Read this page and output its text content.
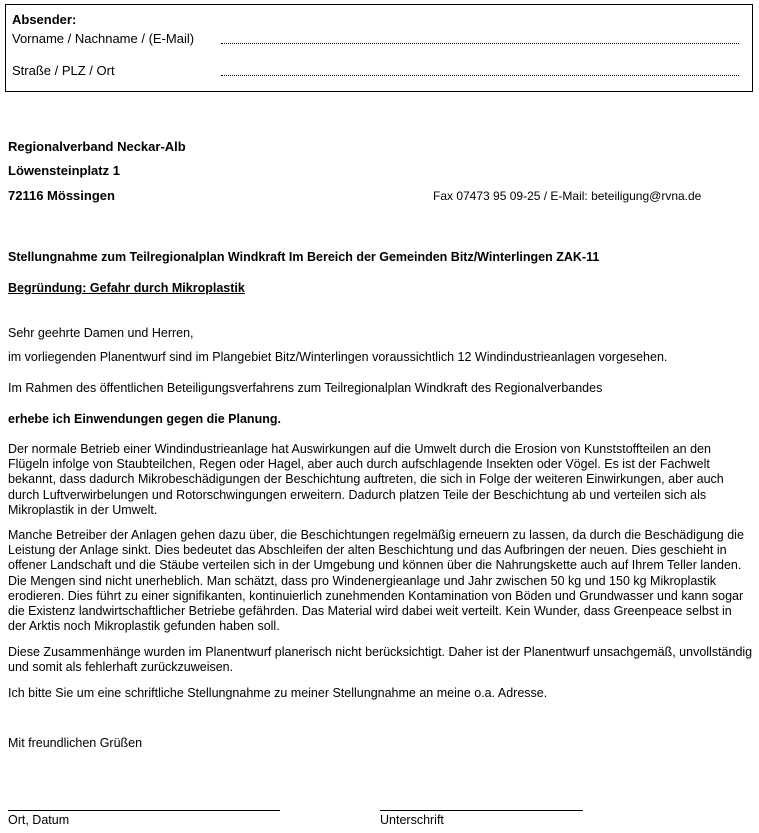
Absender:
Vorname / Nachname / (E-Mail)
Straße / PLZ / Ort
Regionalverband Neckar-Alb
Löwensteinplatz 1
72116 Mössingen	Fax 07473 95 09-25 / E-Mail: beteiligung@rvna.de
Stellungnahme zum Teilregionalplan Windkraft Im Bereich der Gemeinden Bitz/Winterlingen ZAK-11
Begründung: Gefahr durch Mikroplastik
Sehr geehrte Damen und Herren,
im vorliegenden Planentwurf sind im Plangebiet Bitz/Winterlingen voraussichtlich 12 Windindustrieanlagen vorgesehen.
Im Rahmen des öffentlichen Beteiligungsverfahrens zum Teilregionalplan Windkraft des Regionalverbandes
erhebe ich Einwendungen gegen die Planung.
Der normale Betrieb einer Windindustrieanlage hat Auswirkungen auf die Umwelt durch die Erosion von Kunststoffteilen an den Flügeln infolge von Staubteilchen, Regen oder Hagel, aber auch durch aufschlagende Insekten oder Vögel. Es ist der Fachwelt bekannt, dass dadurch Mikrobeschädigungen der Beschichtung auftreten, die sich in Folge der weiteren Einwirkungen, aber auch durch Luftverwirbelungen und Rotorschwingungen erweitern. Dadurch platzen Teile der Beschichtung ab und verteilen sich als Mikroplastik in der Umwelt.
Manche Betreiber der Anlagen gehen dazu über, die Beschichtungen regelmäßig erneuern zu lassen, da durch die Beschädigung die Leistung der Anlage sinkt. Dies bedeutet das Abschleifen der alten Beschichtung und das Aufbringen der neuen. Dies geschieht in offener Landschaft und die Stäube verteilen sich in der Umgebung und können über die Nahrungskette auch auf Ihrem Teller landen. Die Mengen sind nicht unerheblich. Man schätzt, dass pro Windenergieanlage und Jahr zwischen 50 kg und 150 kg Mikroplastik erodieren. Dies führt zu einer signifikanten, kontinuierlich zunehmenden Kontamination von Böden und Grundwasser und kann sogar die Existenz landwirtschaftlicher Betriebe gefährden. Das Material wird dabei weit verteilt. Kein Wunder, dass Greenpeace selbst in der Arktis noch Mikroplastik gefunden haben soll.
Diese Zusammenhänge wurden im Planentwurf planerisch nicht berücksichtigt. Daher ist der Planentwurf unsachgemäß, unvollständig und somit als fehlerhaft zurückzuweisen.
Ich bitte Sie um eine schriftliche Stellungnahme zu meiner Stellungnahme an meine o.a. Adresse.
Mit freundlichen Grüßen
Ort, Datum	Unterschrift
